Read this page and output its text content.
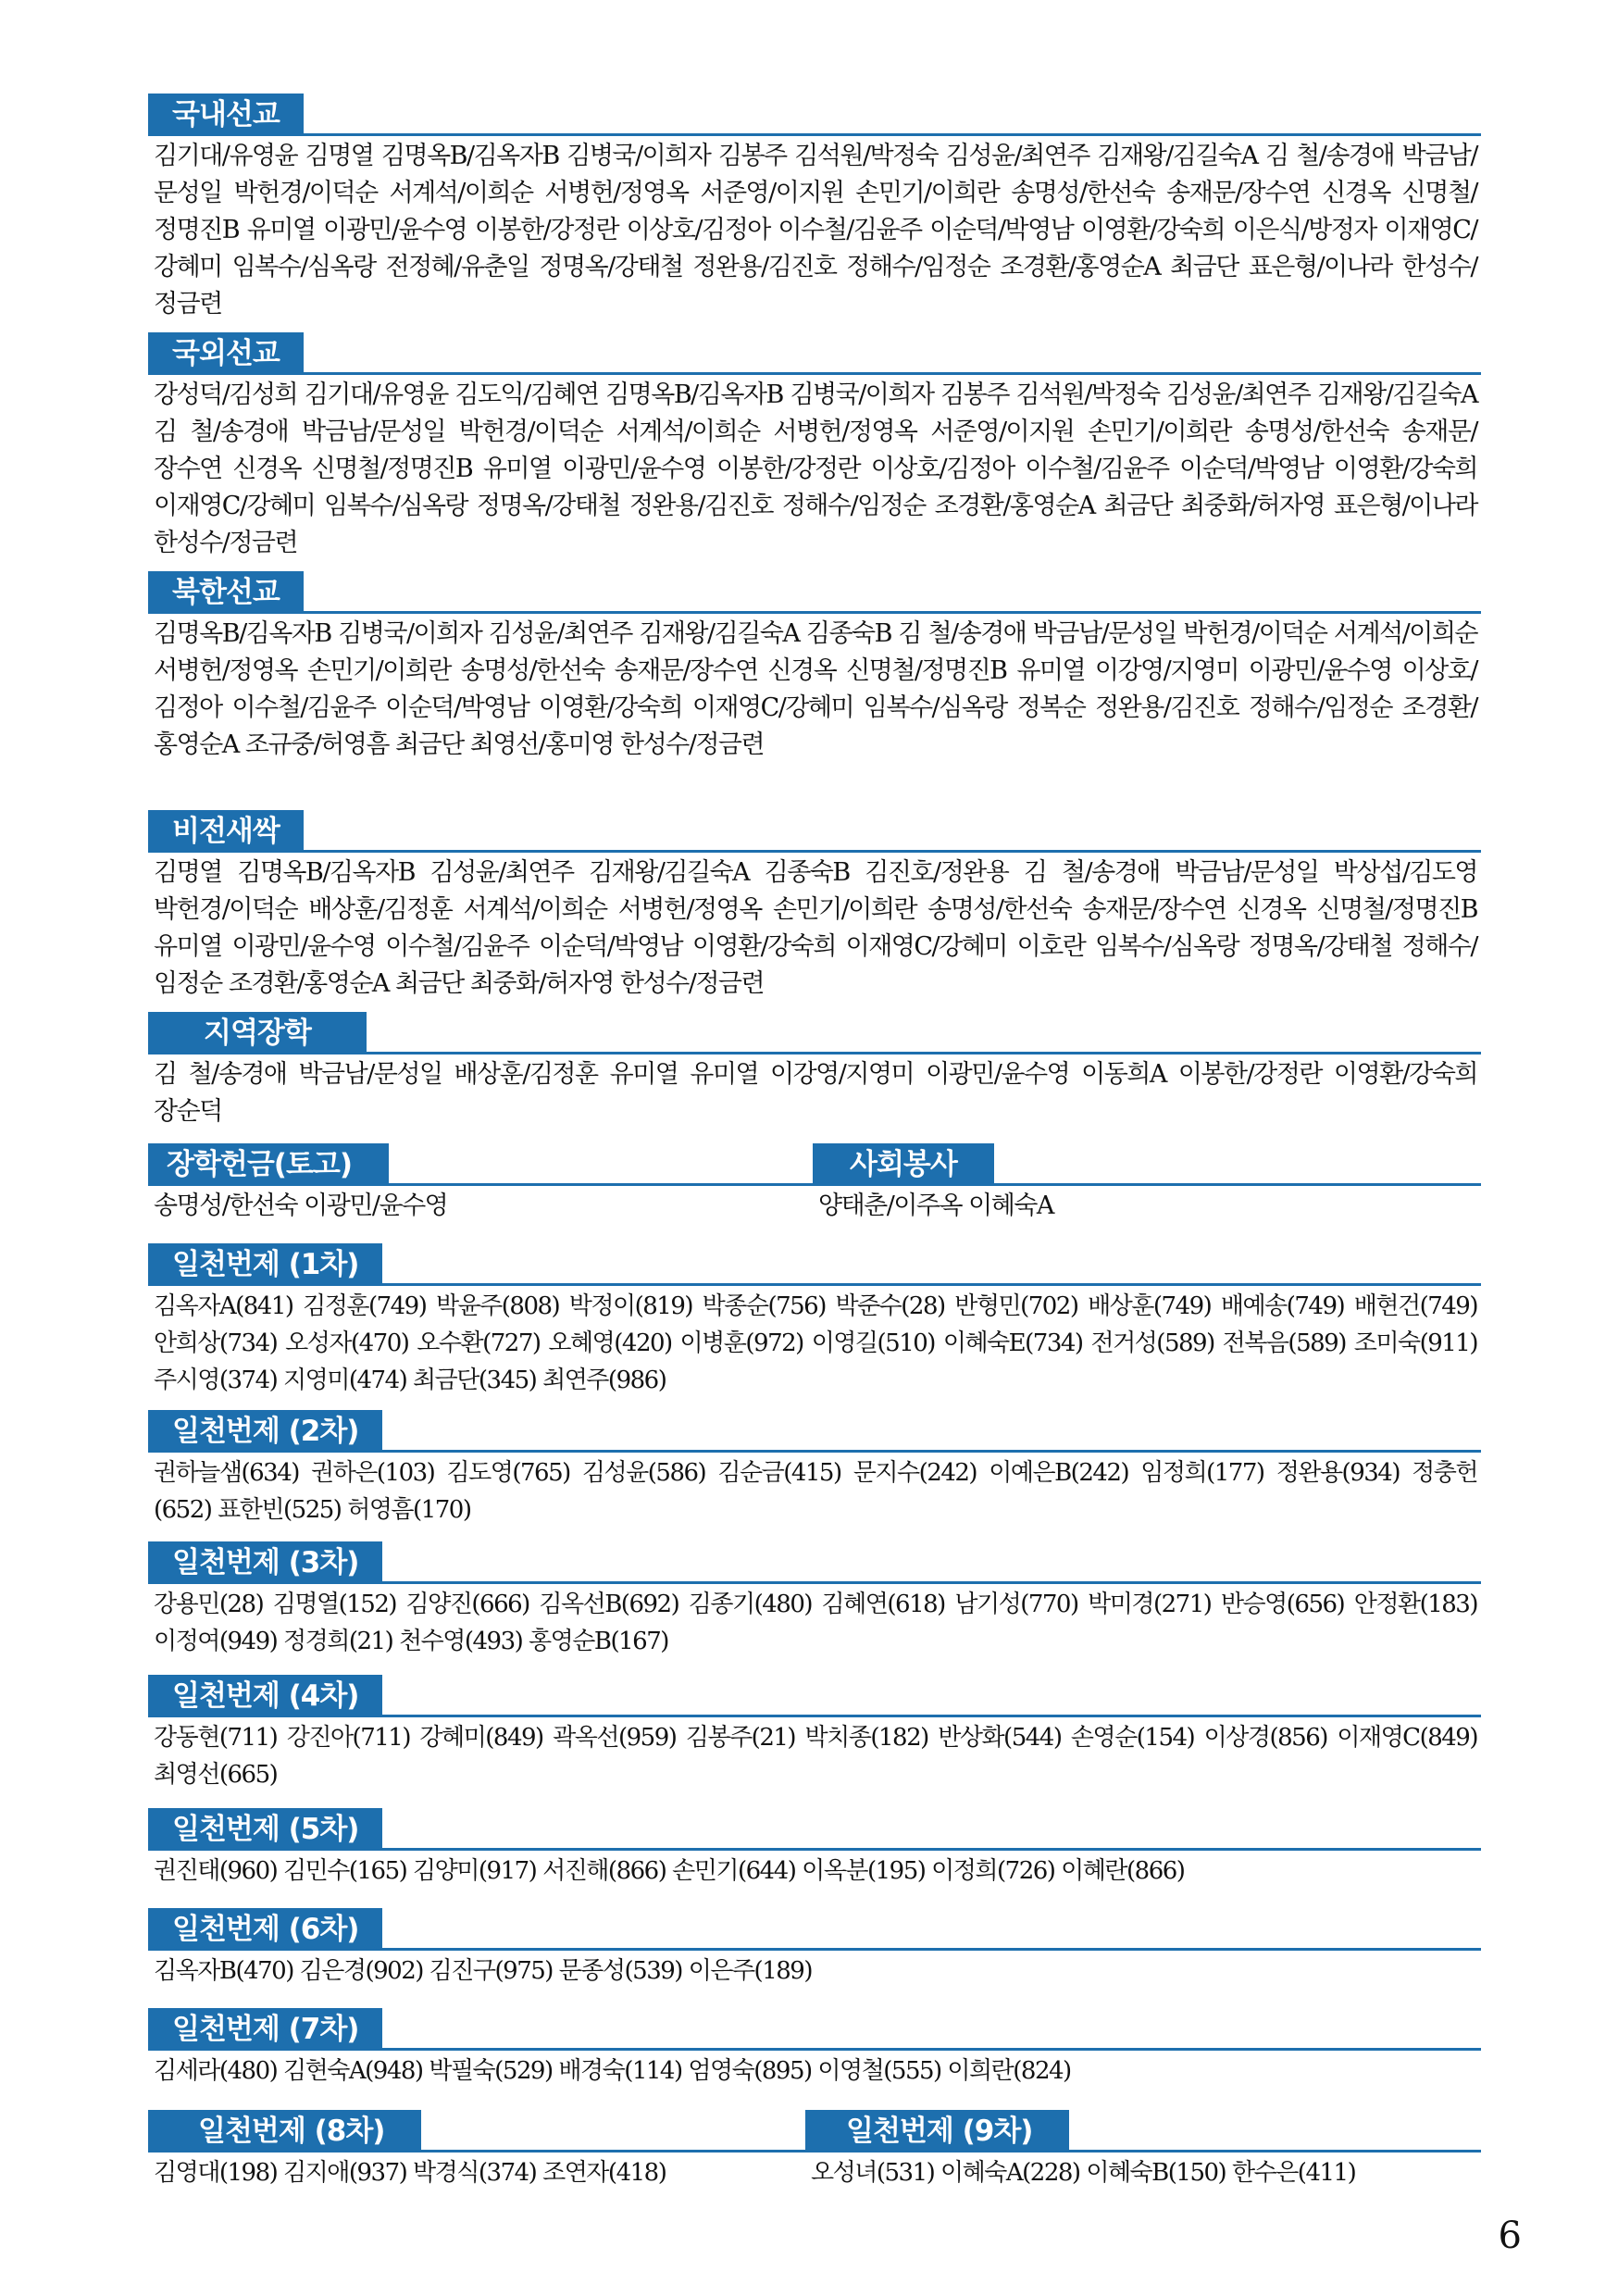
국내선교
김기대/유영윤 김명열 김명옥B/김옥자B 김병국/이희자 김봉주 김석원/박정숙 김성윤/최연주 김재왕/김길숙A 김 철/송경애 박금남/문성일 박헌경/이덕순 서계석/이희순 서병헌/정영옥 서준영/이지원 손민기/이희란 송명성/한선숙 송재문/장수연 신경옥 신명철/정명진B 유미열 이광민/윤수영 이봉한/강정란 이상호/김정아 이수철/김윤주 이순덕/박영남 이영환/강숙희 이은식/방정자 이재영C/강혜미 임복수/심옥랑 전정혜/유춘일 정명옥/강태철 정완용/김진호 정해수/임정순 조경환/홍영순A 최금단 표은형/이나라 한성수/정금련
국외선교
강성덕/김성희 김기대/유영윤 김도익/김혜연 김명옥B/김옥자B 김병국/이희자 김봉주 김석원/박정숙 김성윤/최연주 김재왕/김길숙A 김 철/송경애 박금남/문성일 박헌경/이덕순 서계석/이희순 서병헌/정영옥 서준영/이지원 손민기/이희란 송명성/한선숙 송재문/장수연 신경옥 신명철/정명진B 유미열 이광민/윤수영 이봉한/강정란 이상호/김정아 이수철/김윤주 이순덕/박영남 이영환/강숙희 이재영C/강혜미 임복수/심옥랑 정명옥/강태철 정완용/김진호 정해수/임정순 조경환/홍영순A 최금단 최중화/허자영 표은형/이나라 한성수/정금련
북한선교
김명옥B/김옥자B 김병국/이희자 김성윤/최연주 김재왕/김길숙A 김종숙B 김 철/송경애 박금남/문성일 박헌경/이덕순 서계석/이희순 서병헌/정영옥 손민기/이희란 송명성/한선숙 송재문/장수연 신경옥 신명철/정명진B 유미열 이강영/지영미 이광민/윤수영 이상호/김정아 이수철/김윤주 이순덕/박영남 이영환/강숙희 이재영C/강혜미 임복수/심옥랑 정복순 정완용/김진호 정해수/임정순 조경환/홍영순A 조규중/허영흠 최금단 최영선/홍미영 한성수/정금련
비전새싹
김명열 김명옥B/김옥자B 김성윤/최연주 김재왕/김길숙A 김종숙B 김진호/정완용 김 철/송경애 박금남/문성일 박상섭/김도영 박헌경/이덕순 배상훈/김정훈 서계석/이희순 서병헌/정영옥 손민기/이희란 송명성/한선숙 송재문/장수연 신경옥 신명철/정명진B 유미열 이광민/윤수영 이수철/김윤주 이순덕/박영남 이영환/강숙희 이재영C/강혜미 이호란 임복수/심옥랑 정명옥/강태철 정해수/임정순 조경환/홍영순A 최금단 최중화/허자영 한성수/정금련
지역장학
김 철/송경애 박금남/문성일 배상훈/김정훈 유미열 유미열 이강영/지영미 이광민/윤수영 이동희A 이봉한/강정란 이영환/강숙희 장순덕
장학헌금(토고)
송명성/한선숙 이광민/윤수영
사회봉사
양태춘/이주옥 이혜숙A
일천번제 (1차)
김옥자A(841) 김정훈(749) 박윤주(808) 박정이(819) 박종순(756) 박준수(28) 반형민(702) 배상훈(749) 배예송(749) 배현건(749) 안희상(734) 오성자(470) 오수환(727) 오혜영(420) 이병훈(972) 이영길(510) 이혜숙E(734) 전거성(589) 전복음(589) 조미숙(911) 주시영(374) 지영미(474) 최금단(345) 최연주(986)
일천번제 (2차)
권하늘샘(634) 권하은(103) 김도영(765) 김성윤(586) 김순금(415) 문지수(242) 이예은B(242) 임정희(177) 정완용(934) 정충헌(652) 표한빈(525) 허영흠(170)
일천번제 (3차)
강용민(28) 김명열(152) 김양진(666) 김옥선B(692) 김종기(480) 김혜연(618) 남기성(770) 박미경(271) 반승영(656) 안정환(183) 이정여(949) 정경희(21) 천수영(493) 홍영순B(167)
일천번제 (4차)
강동현(711) 강진아(711) 강혜미(849) 곽옥선(959) 김봉주(21) 박치종(182) 반상화(544) 손영순(154) 이상경(856) 이재영C(849) 최영선(665)
일천번제 (5차)
권진태(960) 김민수(165) 김양미(917) 서진해(866) 손민기(644) 이옥분(195) 이정희(726) 이혜란(866)
일천번제 (6차)
김옥자B(470) 김은경(902) 김진구(975) 문종성(539) 이은주(189)
일천번제 (7차)
김세라(480) 김현숙A(948) 박필숙(529) 배경숙(114) 엄영숙(895) 이영철(555) 이희란(824)
일천번제 (8차)
김영대(198) 김지애(937) 박경식(374) 조연자(418)
일천번제 (9차)
오성녀(531) 이혜숙A(228) 이혜숙B(150) 한수은(411)
6
